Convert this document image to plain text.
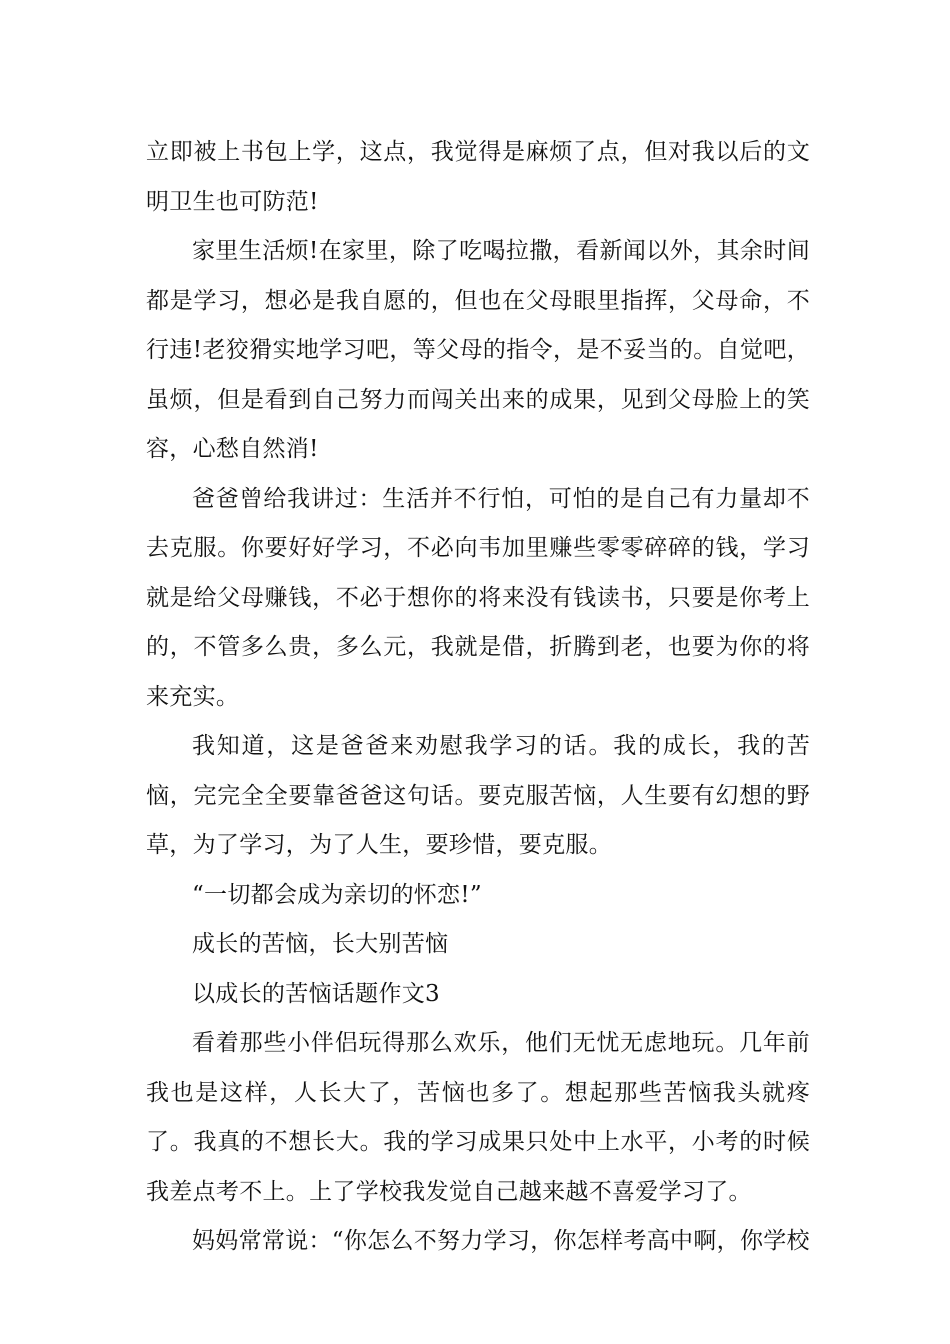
立即被上书包上学，这点，我觉得是麻烦了点，但对我以后的文明卫生也可防范!

家里生活烦!在家里，除了吃喝拉撒，看新闻以外，其余时间都是学习，想必是我自愿的，但也在父母眼里指挥，父母命，不行违!老狡猾实地学习吧，等父母的指令，是不妥当的。自觉吧，虽烦，但是看到自己努力而闯关出来的成果，见到父母脸上的笑容，心愁自然消!

爸爸曾给我讲过：生活并不行怕，可怕的是自己有力量却不去克服。你要好好学习，不必向韦加里赚些零零碎碎的钱，学习就是给父母赚钱，不必于想你的将来没有钱读书，只要是你考上的，不管多么贵，多么元，我就是借，折腾到老，也要为你的将来充实。

我知道，这是爸爸来劝慰我学习的话。我的成长，我的苦恼，完完全全要靠爸爸这句话。要克服苦恼，人生要有幻想的野草，为了学习，为了人生，要珍惜，要克服。

“一切都会成为亲切的怀恋!”

成长的苦恼，长大别苦恼

以成长的苦恼话题作文3

看着那些小伴侣玩得那么欢乐，他们无忧无虑地玩。几年前我也是这样，人长大了，苦恼也多了。想起那些苦恼我头就疼了。我真的不想长大。我的学习成果只处中上水平，小考的时候我差点考不上。上了学校我发觉自己越来越不喜爱学习了。

妈妈常常说：“你怎么不努力学习，你怎样考高中啊，你学校
